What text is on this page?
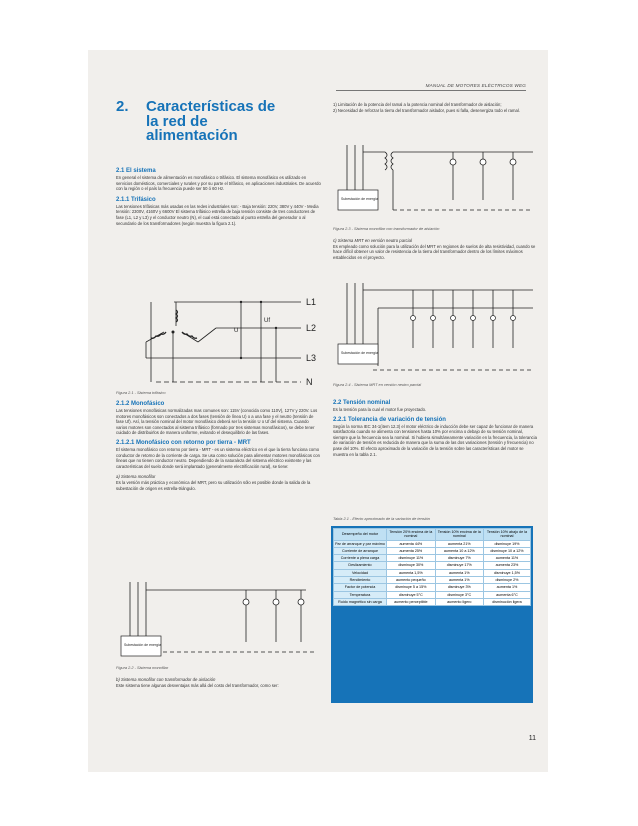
MANUAL DE MOTORES ELÉCTRICOS WEG
2.	Características de
la red de
alimentación
2.1 El sistema

En general el sistema de alimentación es monofásico o trifásico. El sistema monofásico es utilizado en servicios domésticos, comerciales y rurales y por su parte el trifásico, en aplicaciones industriales. De acuerdo con la región o el país la frecuencia puede ser 50 ó 60 Hz.

2.1.1 Trifásico

Las tensiones trifásicas más usadas en las redes industriales son: - Baja tensión: 220V, 380V y 440V - Media tensión: 2300V, 4160V y 6600V El sistema trifásico estrella de baja tensión consiste de tres conductores de fase (L1, L2 y L3) y el conductor neutro (N), el cual está conectado al punto estrella del generador o al secundario de los transformadores (según muestra la figura 2.1).

L1
L2
L3
N
U
Uf
Figura 2.1 - Sistema trifásico
2.1.2 Monofásico

Las tensiones monofásicas normalizadas mas comunes son: 115V (conocida como 110V), 127V y 220V. Los motores monofásicos son conectados a dos fases (tensión de línea U) o a una fase y el neutro (tensión de fase Uf). Así, la tensión nominal del motor monofásico deberá ser la tensión U o Uf del sistema. Cuando varios motores son conectados al sistema trifásico (formado por tres sistemas monofásicos), se debe tener cuidado de distribuirlos de manera uniforme, evitando el desequilibrio de las fases.

2.1.2.1 Monofásico con retorno por tierra - MRT

El sistema monofásico con retorno por tierra - MRT - es un sistema eléctrico en el que la tierra funciona como conductor de retorno de la corriente de carga. Se usa como solución para alimentar motores monofásicos con líneas que no tienen conductor neutro. Dependiendo de la naturaleza del sistema eléctrico existente y las características del suelo donde será implantado (generalmente electrificación rural), se tiene:

a) Sistema monofilar

Es la versión más práctica y económica del MRT, pero su utilización sólo es posible donde la salida de la subestación de origen es estrella-triángulo.

Subestación de energía
Figura 2.2 - Sistema monofilar
b) Sistema monofilar con transformador de aislación

Este sistema tiene algunas desventajas más allá del costo del transformador, como ser:

1) Limitación de la potencia del ramal a la potencia nominal del transformador de aislación;

2) Necesidad de reforzar la tierra del transformador aislador, pues si falla, desenergiza todo el ramal.

Subestación de energía
Figura 2.3 - Sistema monofilar con transformador de aislación
c) Sistema MRT en versión neutro parcial

Es empleado como solución para la utilización del MRT en regiones de suelos de alta resistividad, cuando se hace difícil obtener un valor de resistencia de la tierra del transformador dentro de los límites máximos establecidos en el proyecto.

Subestación de energía
Figura 2.4 - Sistema MRT en versión neutro parcial
2.2 Tensión nominal

Es la tensión para la cual el motor fue proyectado.

2.2.1 Tolerancia de variación de tensión

Según la norma IEC 34-1(item 12.3) el motor eléctrico de inducción debe ser capaz de funcionar de manera satisfactoria cuando se alimenta con tensiones hasta 10% por encima o debajo de su tensión nominal, siempre que la frecuencia sea la nominal. Si hubiera simultáneamente variación en la frecuencia, la tolerancia de variación de tensión es reducida de manera que la suma de las dos variaciones (tensión y frecuencia) no pase del 10%. El efecto aproximado de la variación de la tensión sobre las características del motor se muestra en la tabla 2.1.

Tabla 2.1 - Efecto aproximado de la variación de tensión
Desempeño del motor	Tensión 20% encima de la nominal	Tensión 10% encima de la nominal	Tensión 10% abajo de la nominal
Par de arranque y par máximo	aumenta 44%	aumenta 21%	disminuye 19%
Corriente de arranque	aumenta 25%	aumenta 10 a 12%	disminuye 10 a 12%
Corriente a plena carga	disminuye 11%	disminuye 7%	aumenta 11%
Deslizamiento	disminuye 30%	disminuye 17%	aumenta 23%
Velocidad	aumenta 1,5%	aumenta 1%	disminuye 1,5%
Rendimiento	aumento pequeño	aumenta 1%	disminuye 2%
Factor de potencia	disminuye 5 a 15%	disminuye 3%	aumenta 1%
Temperatura	disminuye 5°C	disminuye 3°C	aumenta 6°C
Ruido magnético sin carga	aumento perceptible	aumento ligero	disminución ligera
11
